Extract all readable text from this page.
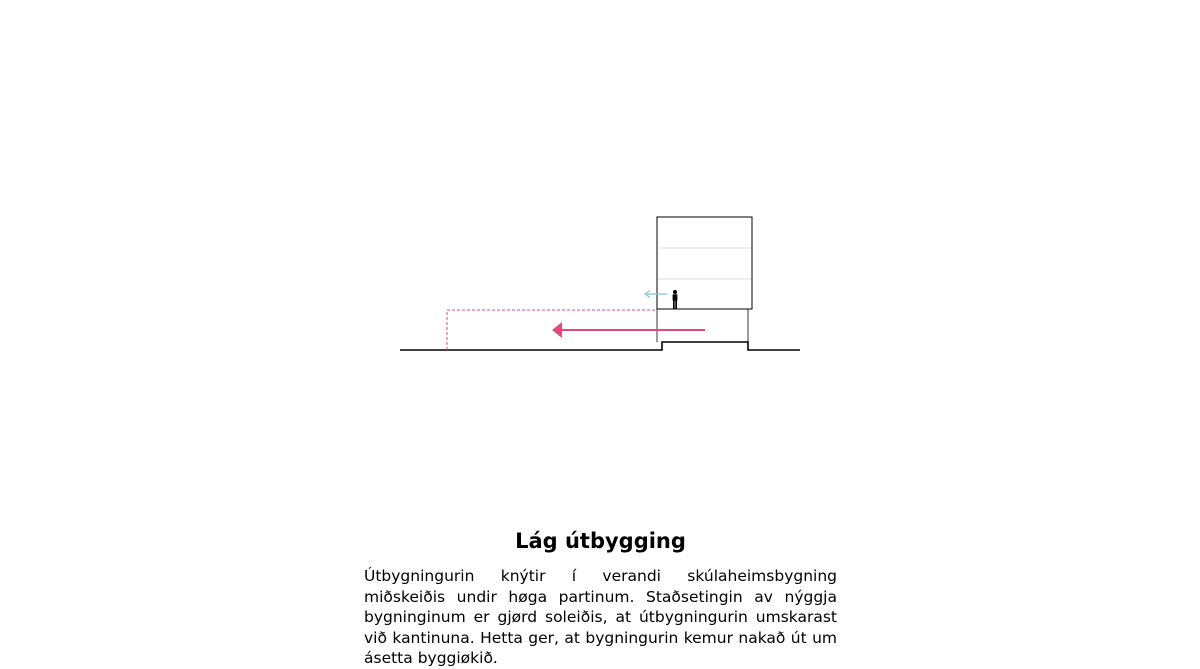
Lág útbygging

Útbygningurin knýtir í verandi skúlaheimsbygning miðskeiðis undir høga partinum. Staðsetingin av nýggja bygninginum er gjørd soleiðis, at útbygningurin umskarast við kantinuna. Hetta ger, at bygningurin kemur nakað út um ásetta byggiøkið.
